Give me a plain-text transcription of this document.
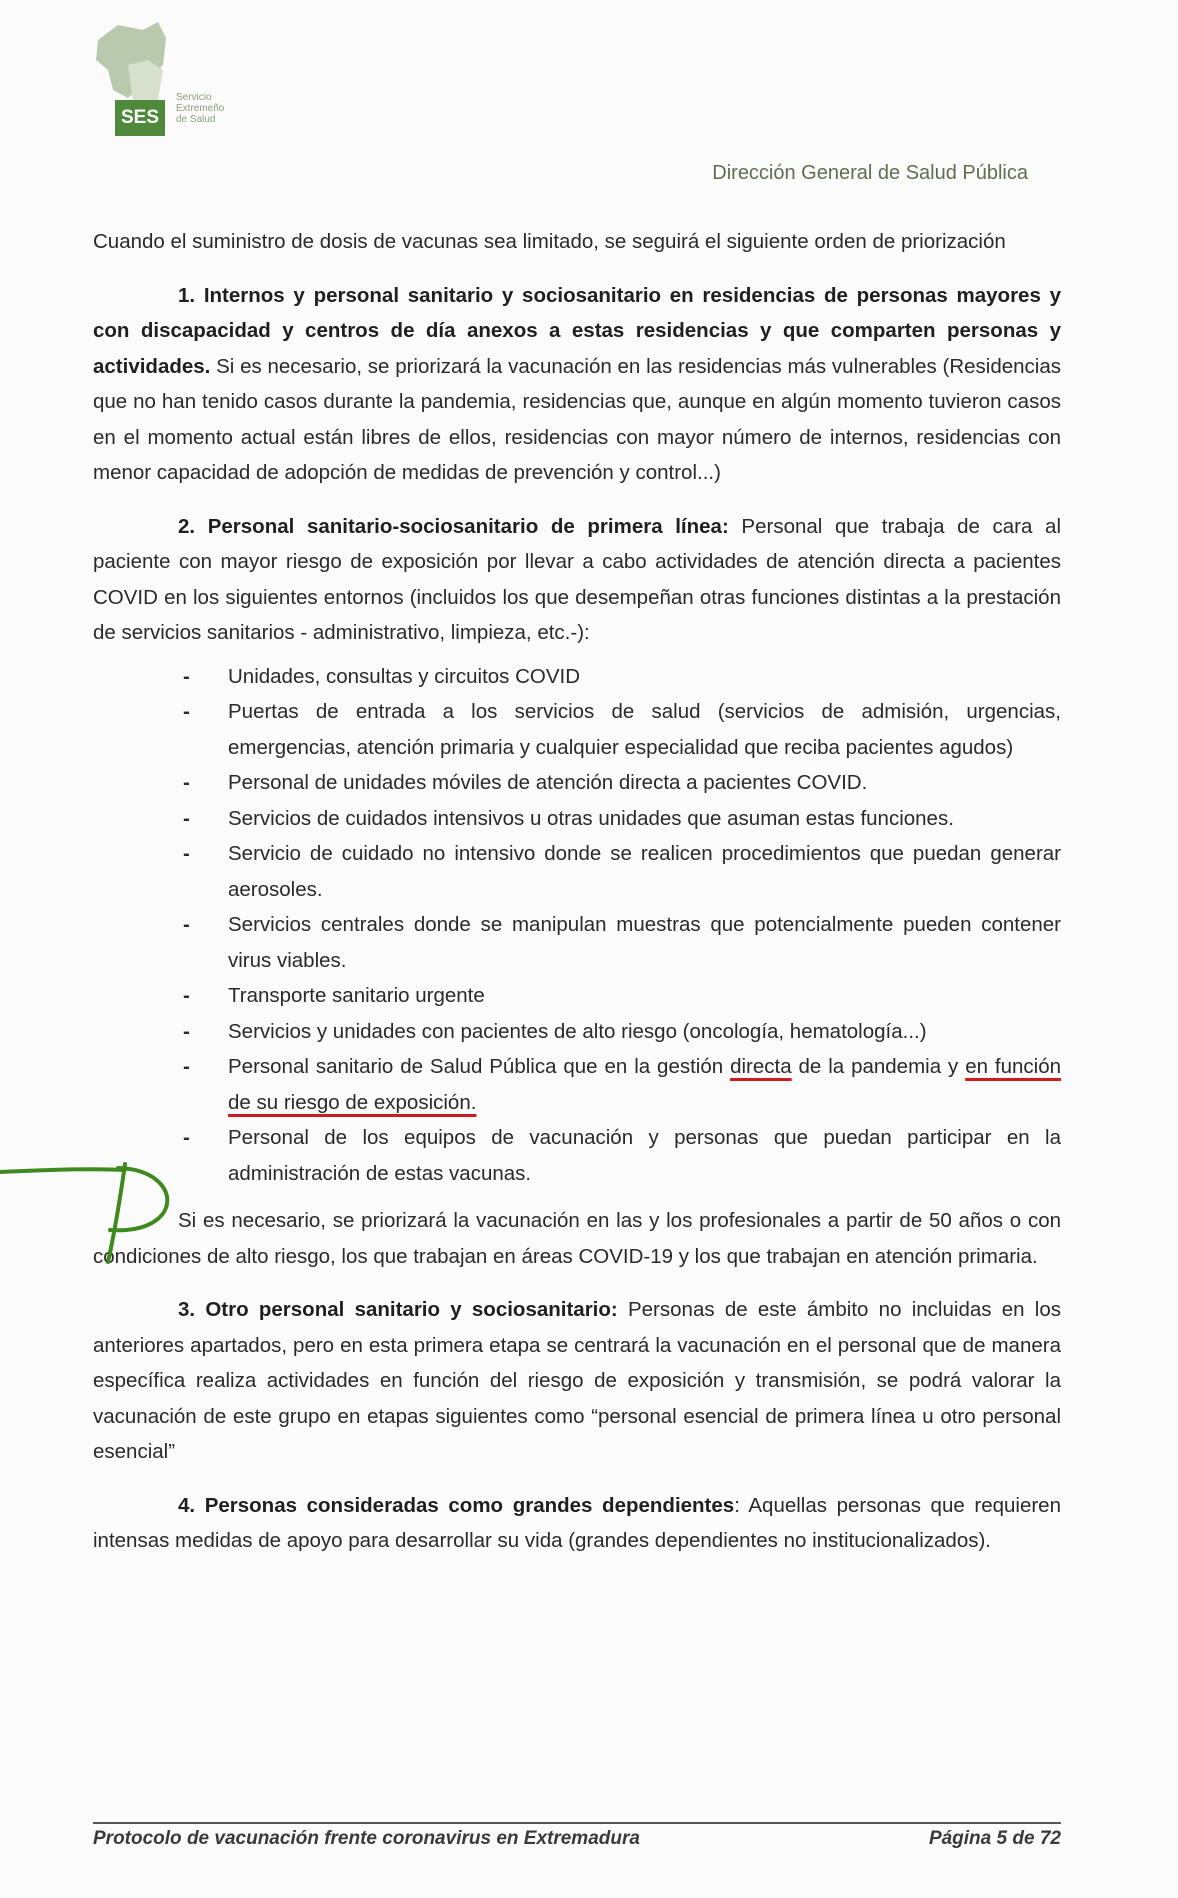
SES
Servicio
Extremeño
de Salud
Dirección General de Salud Pública

Cuando el suministro de dosis de vacunas sea limitado, se seguirá el siguiente orden de priorización

1. Internos y personal sanitario y sociosanitario en residencias de personas mayores y con discapacidad y centros de día anexos a estas residencias y que comparten personas y actividades. Si es necesario, se priorizará la vacunación en las residencias más vulnerables (Residencias que no han tenido casos durante la pandemia, residencias que, aunque en algún momento tuvieron casos en el momento actual están libres de ellos, residencias con mayor número de internos, residencias con menor capacidad de adopción de medidas de prevención y control...)

2. Personal sanitario-sociosanitario de primera línea: Personal que trabaja de cara al paciente con mayor riesgo de exposición por llevar a cabo actividades de atención directa a pacientes COVID en los siguientes entornos (incluidos los que desempeñan otras funciones distintas a la prestación de servicios sanitarios - administrativo, limpieza, etc.-):

- Unidades, consultas y circuitos COVID
- Puertas de entrada a los servicios de salud (servicios de admisión, urgencias, emergencias, atención primaria y cualquier especialidad que reciba pacientes agudos)
- Personal de unidades móviles de atención directa a pacientes COVID.
- Servicios de cuidados intensivos u otras unidades que asuman estas funciones.
- Servicio de cuidado no intensivo donde se realicen procedimientos que puedan generar aerosoles.
- Servicios centrales donde se manipulan muestras que potencialmente pueden contener virus viables.
- Transporte sanitario urgente
- Servicios y unidades con pacientes de alto riesgo (oncología, hematología...)
- Personal sanitario de Salud Pública que en la gestión directa de la pandemia y en función de su riesgo de exposición.
- Personal de los equipos de vacunación y personas que puedan participar en la administración de estas vacunas.

Si es necesario, se priorizará la vacunación en las y los profesionales a partir de 50 años o con condiciones de alto riesgo, los que trabajan en áreas COVID-19 y los que trabajan en atención primaria.

3. Otro personal sanitario y sociosanitario: Personas de este ámbito no incluidas en los anteriores apartados, pero en esta primera etapa se centrará la vacunación en el personal que de manera específica realiza actividades en función del riesgo de exposición y transmisión, se podrá valorar la vacunación de este grupo en etapas siguientes como “personal esencial de primera línea u otro personal esencial”

4. Personas consideradas como grandes dependientes: Aquellas personas que requieren intensas medidas de apoyo para desarrollar su vida (grandes dependientes no institucionalizados).

Protocolo de vacunación frente coronavirus en Extremadura	Página 5 de 72
